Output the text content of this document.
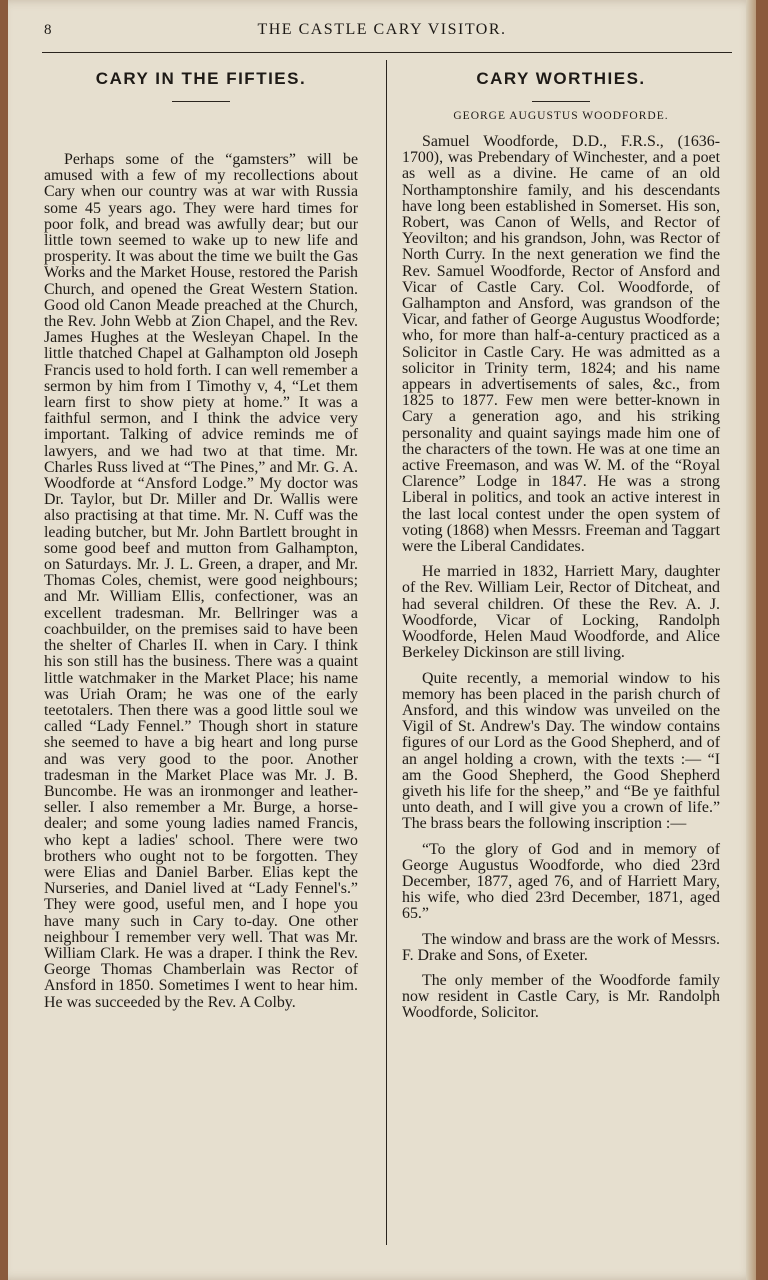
8	THE CASTLE CARY VISITOR.
CARY IN THE FIFTIES.

Perhaps some of the “gamsters” will be amused with a few of my recollections about Cary when our country was at war with Russia some 45 years ago. They were hard times for poor folk, and bread was awfully dear; but our little town seemed to wake up to new life and prosperity. It was about the time we built the Gas Works and the Market House, restored the Parish Church, and opened the Great Western Station. Good old Canon Meade preached at the Church, the Rev. John Webb at Zion Chapel, and the Rev. James Hughes at the Wesleyan Chapel. In the little thatched Chapel at Galhampton old Joseph Francis used to hold forth. I can well remember a sermon by him from I Timothy v, 4, “Let them learn first to show piety at home.” It was a faithful sermon, and I think the advice very important. Talking of advice reminds me of lawyers, and we had two at that time. Mr. Charles Russ lived at “The Pines,” and Mr. G. A. Woodforde at “Ansford Lodge.” My doctor was Dr. Taylor, but Dr. Miller and Dr. Wallis were also practising at that time. Mr. N. Cuff was the leading butcher, but Mr. John Bartlett brought in some good beef and mutton from Galhampton, on Saturdays. Mr. J. L. Green, a draper, and Mr. Thomas Coles, chemist, were good neighbours; and Mr. William Ellis, confectioner, was an excellent tradesman. Mr. Bellringer was a coachbuilder, on the premises said to have been the shelter of Charles II. when in Cary. I think his son still has the business. There was a quaint little watchmaker in the Market Place; his name was Uriah Oram; he was one of the early teetotalers. Then there was a good little soul we called “Lady Fennel.” Though short in stature she seemed to have a big heart and long purse and was very good to the poor. Another tradesman in the Market Place was Mr. J. B. Buncombe. He was an ironmonger and leather-seller. I also remember a Mr. Burge, a horse-dealer; and some young ladies named Francis, who kept a ladies' school. There were two brothers who ought not to be forgotten. They were Elias and Daniel Barber. Elias kept the Nurseries, and Daniel lived at “Lady Fennel's.” They were good, useful men, and I hope you have many such in Cary to-day. One other neighbour I remember very well. That was Mr. William Clark. He was a draper. I think the Rev. George Thomas Chamberlain was Rector of Ansford in 1850. Sometimes I went to hear him. He was succeeded by the Rev. A Colby.

CARY WORTHIES.
GEORGE AUGUSTUS WOODFORDE.

Samuel Woodforde, D.D., F.R.S., (1636-1700), was Prebendary of Winchester, and a poet as well as a divine. He came of an old Northamptonshire family, and his descendants have long been established in Somerset. His son, Robert, was Canon of Wells, and Rector of Yeovilton; and his grandson, John, was Rector of North Curry. In the next generation we find the Rev. Samuel Woodforde, Rector of Ansford and Vicar of Castle Cary. Col. Woodforde, of Galhampton and Ansford, was grandson of the Vicar, and father of George Augustus Woodforde; who, for more than half-a-century practiced as a Solicitor in Castle Cary. He was admitted as a solicitor in Trinity term, 1824; and his name appears in advertisements of sales, &c., from 1825 to 1877. Few men were better-known in Cary a generation ago, and his striking personality and quaint sayings made him one of the characters of the town. He was at one time an active Freemason, and was W. M. of the “Royal Clarence” Lodge in 1847. He was a strong Liberal in politics, and took an active interest in the last local contest under the open system of voting (1868) when Messrs. Freeman and Taggart were the Liberal Candidates.

He married in 1832, Harriett Mary, daughter of the Rev. William Leir, Rector of Ditcheat, and had several children. Of these the Rev. A. J. Woodforde, Vicar of Locking, Randolph Woodforde, Helen Maud Woodforde, and Alice Berkeley Dickinson are still living.

Quite recently, a memorial window to his memory has been placed in the parish church of Ansford, and this window was unveiled on the Vigil of St. Andrew's Day. The window contains figures of our Lord as the Good Shepherd, and of an angel holding a crown, with the texts :— “I am the Good Shepherd, the Good Shepherd giveth his life for the sheep,” and “Be ye faithful unto death, and I will give you a crown of life.” The brass bears the following inscription :—

“To the glory of God and in memory of George Augustus Woodforde, who died 23rd December, 1877, aged 76, and of Harriett Mary, his wife, who died 23rd December, 1871, aged 65.”

The window and brass are the work of Messrs. F. Drake and Sons, of Exeter.

The only member of the Woodforde family now resident in Castle Cary, is Mr. Randolph Woodforde, Solicitor.
